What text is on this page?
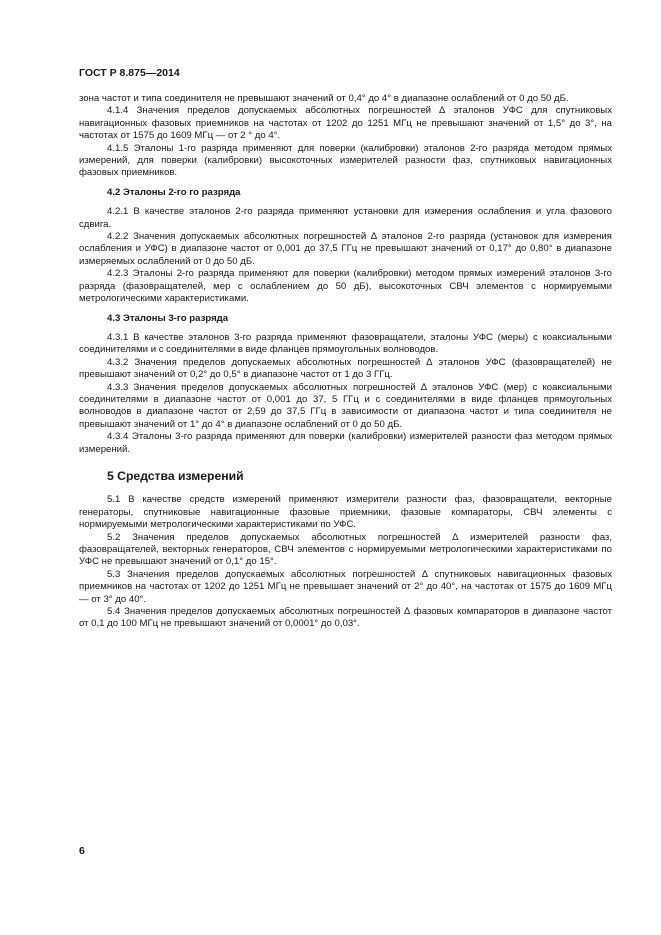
ГОСТ Р 8.875—2014

зона частот и типа соединителя не превышают значений от 0,4° до 4° в диапазоне ослаблений от 0 до 50 дБ.

4.1.4 Значения пределов допускаемых абсолютных погрешностей ∆ эталонов УФС для спутниковых навигационных фазовых приемников на частотах от 1202 до 1251 МГц не превышают значений от 1,5° до 3°, на частотах от 1575 до 1609 МГц — от 2 ° до 4°.

4.1.5 Эталоны 1-го разряда применяют для поверки (калибровки) эталонов 2-го разряда методом прямых измерений, для поверки (калибровки) высокоточных измерителей разности фаз, спутниковых навигационных фазовых приемников.

4.2 Эталоны 2-го го разряда

4.2.1 В качестве эталонов 2-го разряда применяют установки для измерения ослабления и угла фазового сдвига.

4.2.2 Значения допускаемых абсолютных погрешностей ∆ эталонов 2-го разряда (установок для измерения ослабления и УФС) в диапазоне частот от 0,001 до 37,5 ГГц не превышают значений от 0,17° до 0,80° в диапазоне измеряемых ослаблений от 0 до 50 дБ.

4.2.3 Эталоны 2-го разряда применяют для поверки (калибровки) методом прямых измерений эталонов 3-го разряда (фазовращателей, мер с ослаблением до 50 дБ), высокоточных СВЧ элементов с нормируемыми метрологическими характеристиками.

4.3 Эталоны 3-го разряда

4.3.1 В качестве эталонов 3-го разряда применяют фазовращатели, эталоны УФС (меры) с коаксиальными соединителями и с соединителями в виде фланцев прямоугольных волноводов.

4.3.2 Значения пределов допускаемых абсолютных погрешностей ∆ эталонов УФС (фазовращателей) не превышают значений от 0,2° до 0,5° в диапазоне частот от 1 до 3 ГГц.

4.3.3 Значения пределов допускаемых абсолютных погрешностей ∆ эталонов УФС (мер) с коаксиальными соединителями в диапазоне частот от 0,001 до 37, 5 ГГц и с соединителями в виде фланцев прямоугольных волноводов в диапазоне частот от 2,59 до 37,5 ГГц в зависимости от диапазона частот и типа соединителя не превышают значений от 1° до 4° в диапазоне ослаблений от 0 до 50 дБ.

4.3.4 Эталоны 3-го разряда применяют для поверки (калибровки) измерителей разности фаз методом прямых измерений.

5 Средства измерений

5.1 В качестве средств измерений применяют измерители разности фаз, фазовращатели, векторные генераторы, спутниковые навигационные фазовые приемники, фазовые компараторы, СВЧ элементы с нормируемыми метрологическими характеристиками по УФС.

5.2 Значения пределов допускаемых абсолютных погрешностей ∆ измерителей разности фаз, фазовращателей, векторных генераторов, СВЧ элементов с нормируемыми метрологическими характеристиками по УФС не превышают значений от 0,1° до 15°.

5.3 Значения пределов допускаемых абсолютных погрешностей ∆ спутниковых навигационных фазовых приемников на частотах от 1202 до 1251 МГц не превышает значений от 2° до 40°, на частотах от 1575 до 1609 МГц — от 3° до 40°.

5.4 Значения пределов допускаемых абсолютных погрешностей ∆ фазовых компараторов в диапазоне частот от 0,1 до 100 МГц не превышают значений от 0,0001° до 0,03°.

6
